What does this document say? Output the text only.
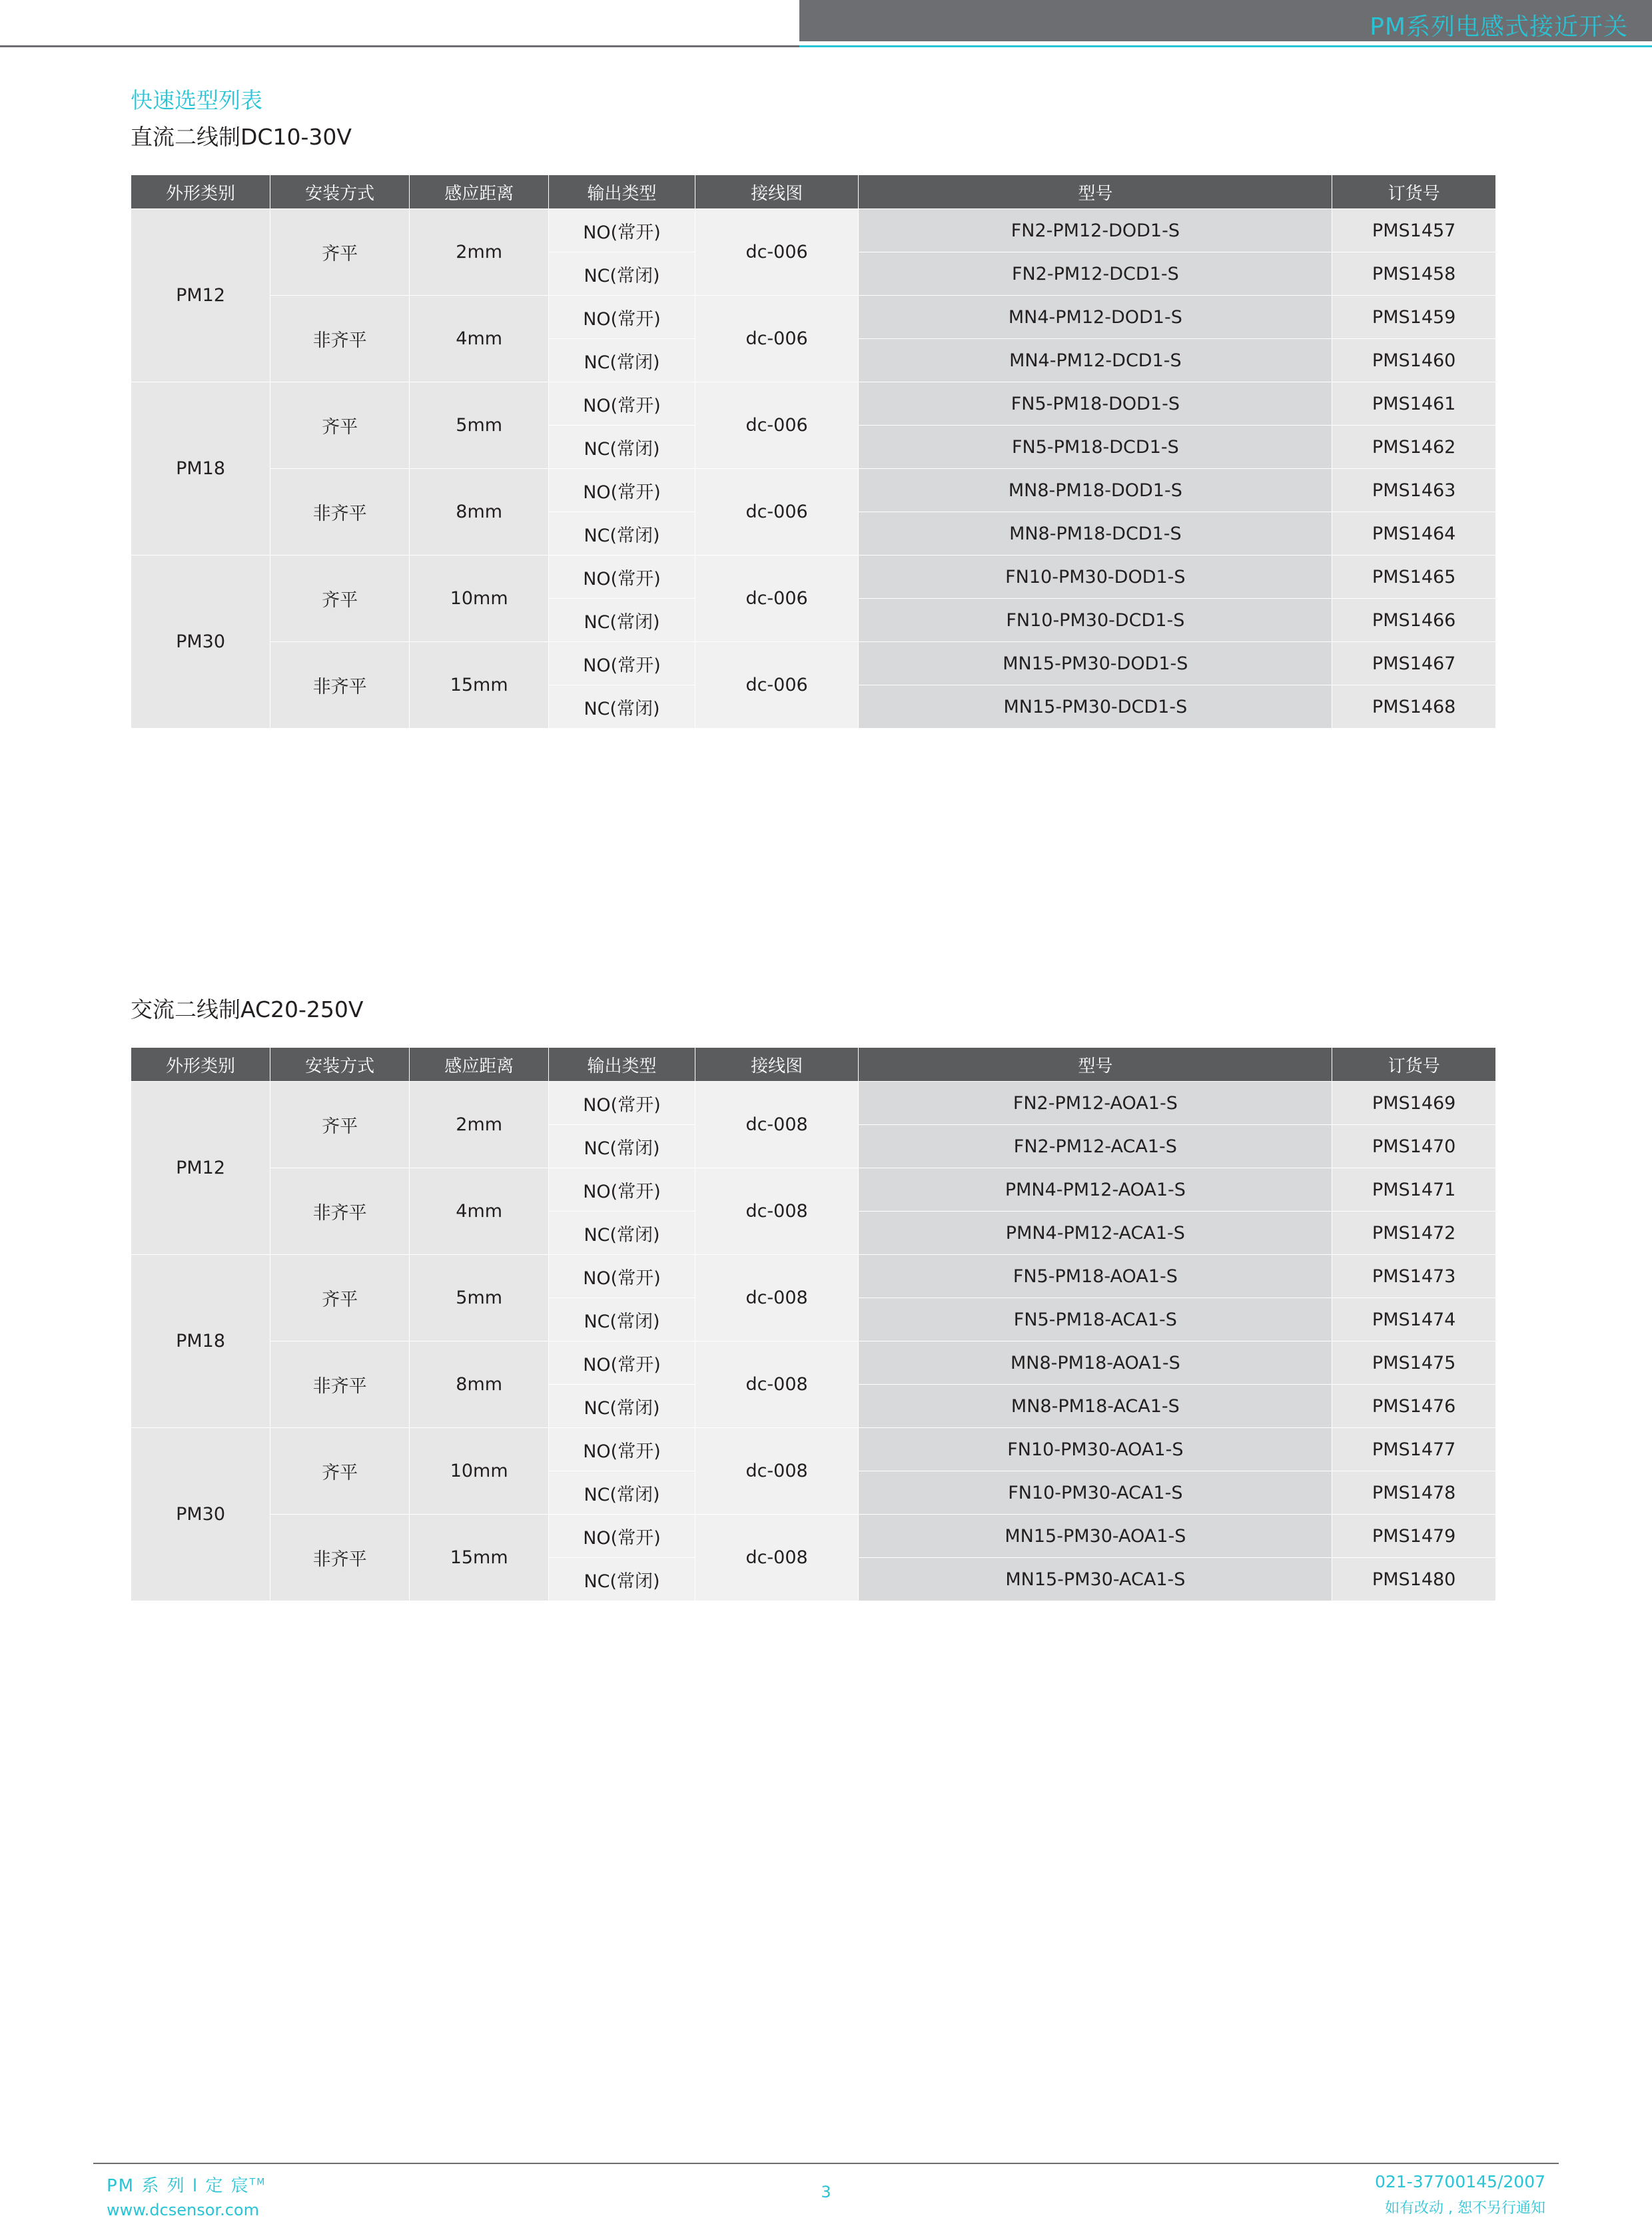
PM系列电感式接近开关
快速选型列表
直流二线制DC10-30V
交流二线制AC20-250V
外形类别	安装方式	感应距离	输出类型	接线图	型号	订货号
PM12	齐平	2mm	NO(常开)	dc-006	FN2-PM12-DOD1-S	PMS1457
			NC(常闭)		FN2-PM12-DCD1-S	PMS1458
	非齐平	4mm	NO(常开)	dc-006	MN4-PM12-DOD1-S	PMS1459
			NC(常闭)		MN4-PM12-DCD1-S	PMS1460
PM18	齐平	5mm	NO(常开)	dc-006	FN5-PM18-DOD1-S	PMS1461
			NC(常闭)		FN5-PM18-DCD1-S	PMS1462
	非齐平	8mm	NO(常开)	dc-006	MN8-PM18-DOD1-S	PMS1463
			NC(常闭)		MN8-PM18-DCD1-S	PMS1464
PM30	齐平	10mm	NO(常开)	dc-006	FN10-PM30-DOD1-S	PMS1465
			NC(常闭)		FN10-PM30-DCD1-S	PMS1466
	非齐平	15mm	NO(常开)	dc-006	MN15-PM30-DOD1-S	PMS1467
			NC(常闭)		MN15-PM30-DCD1-S	PMS1468
外形类别	安装方式	感应距离	输出类型	接线图	型号	订货号
PM12	齐平	2mm	NO(常开)	dc-008	FN2-PM12-AOA1-S	PMS1469
			NC(常闭)		FN2-PM12-ACA1-S	PMS1470
	非齐平	4mm	NO(常开)	dc-008	PMN4-PM12-AOA1-S	PMS1471
			NC(常闭)		PMN4-PM12-ACA1-S	PMS1472
PM18	齐平	5mm	NO(常开)	dc-008	FN5-PM18-AOA1-S	PMS1473
			NC(常闭)		FN5-PM18-ACA1-S	PMS1474
	非齐平	8mm	NO(常开)	dc-008	MN8-PM18-AOA1-S	PMS1475
			NC(常闭)		MN8-PM18-ACA1-S	PMS1476
PM30	齐平	10mm	NO(常开)	dc-008	FN10-PM30-AOA1-S	PMS1477
			NC(常闭)		FN10-PM30-ACA1-S	PMS1478
	非齐平	15mm	NO(常开)	dc-008	MN15-PM30-AOA1-S	PMS1479
			NC(常闭)		MN15-PM30-ACA1-S	PMS1480
PM 系 列 l 定 宸™
www.dcsensor.com
3
021-37700145/2007
如有改动 , 恕不另行通知
